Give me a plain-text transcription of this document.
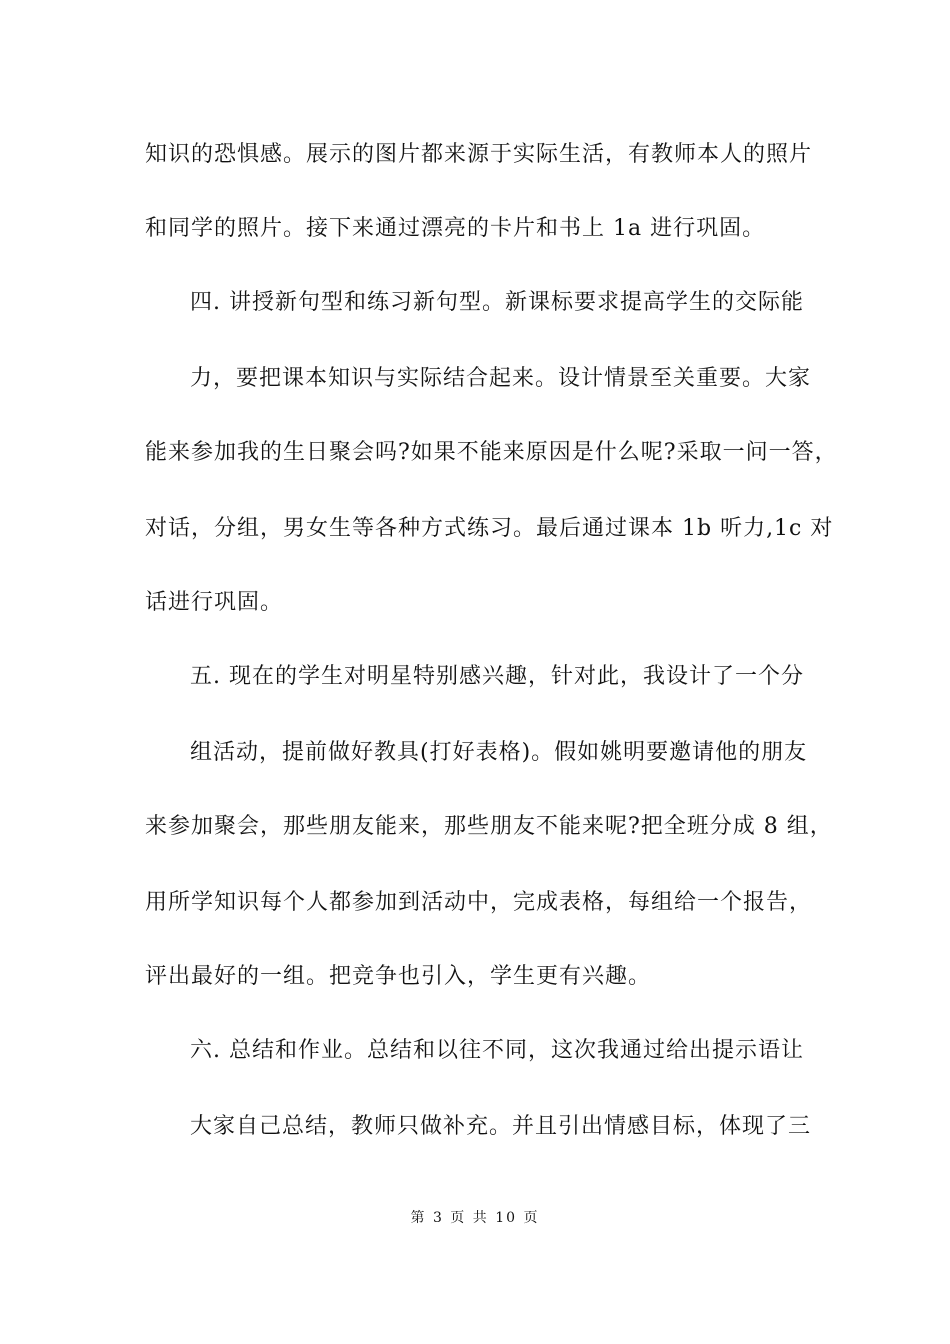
知识的恐惧感。展示的图片都来源于实际生活，有教师本人的照片
和同学的照片。接下来通过漂亮的卡片和书上 1a 进行巩固。
四. 讲授新句型和练习新句型。新课标要求提高学生的交际能
力，要把课本知识与实际结合起来。设计情景至关重要。大家
能来参加我的生日聚会吗?如果不能来原因是什么呢?采取一问一答，
对话，分组，男女生等各种方式练习。最后通过课本 1b 听力,1c 对
话进行巩固。
五. 现在的学生对明星特别感兴趣，针对此，我设计了一个分
组活动，提前做好教具(打好表格)。假如姚明要邀请他的朋友
来参加聚会，那些朋友能来，那些朋友不能来呢?把全班分成 8 组，
用所学知识每个人都参加到活动中，完成表格，每组给一个报告，
评出最好的一组。把竞争也引入，学生更有兴趣。
六. 总结和作业。总结和以往不同，这次我通过给出提示语让
大家自己总结，教师只做补充。并且引出情感目标，体现了三
第 3 页 共 10 页
